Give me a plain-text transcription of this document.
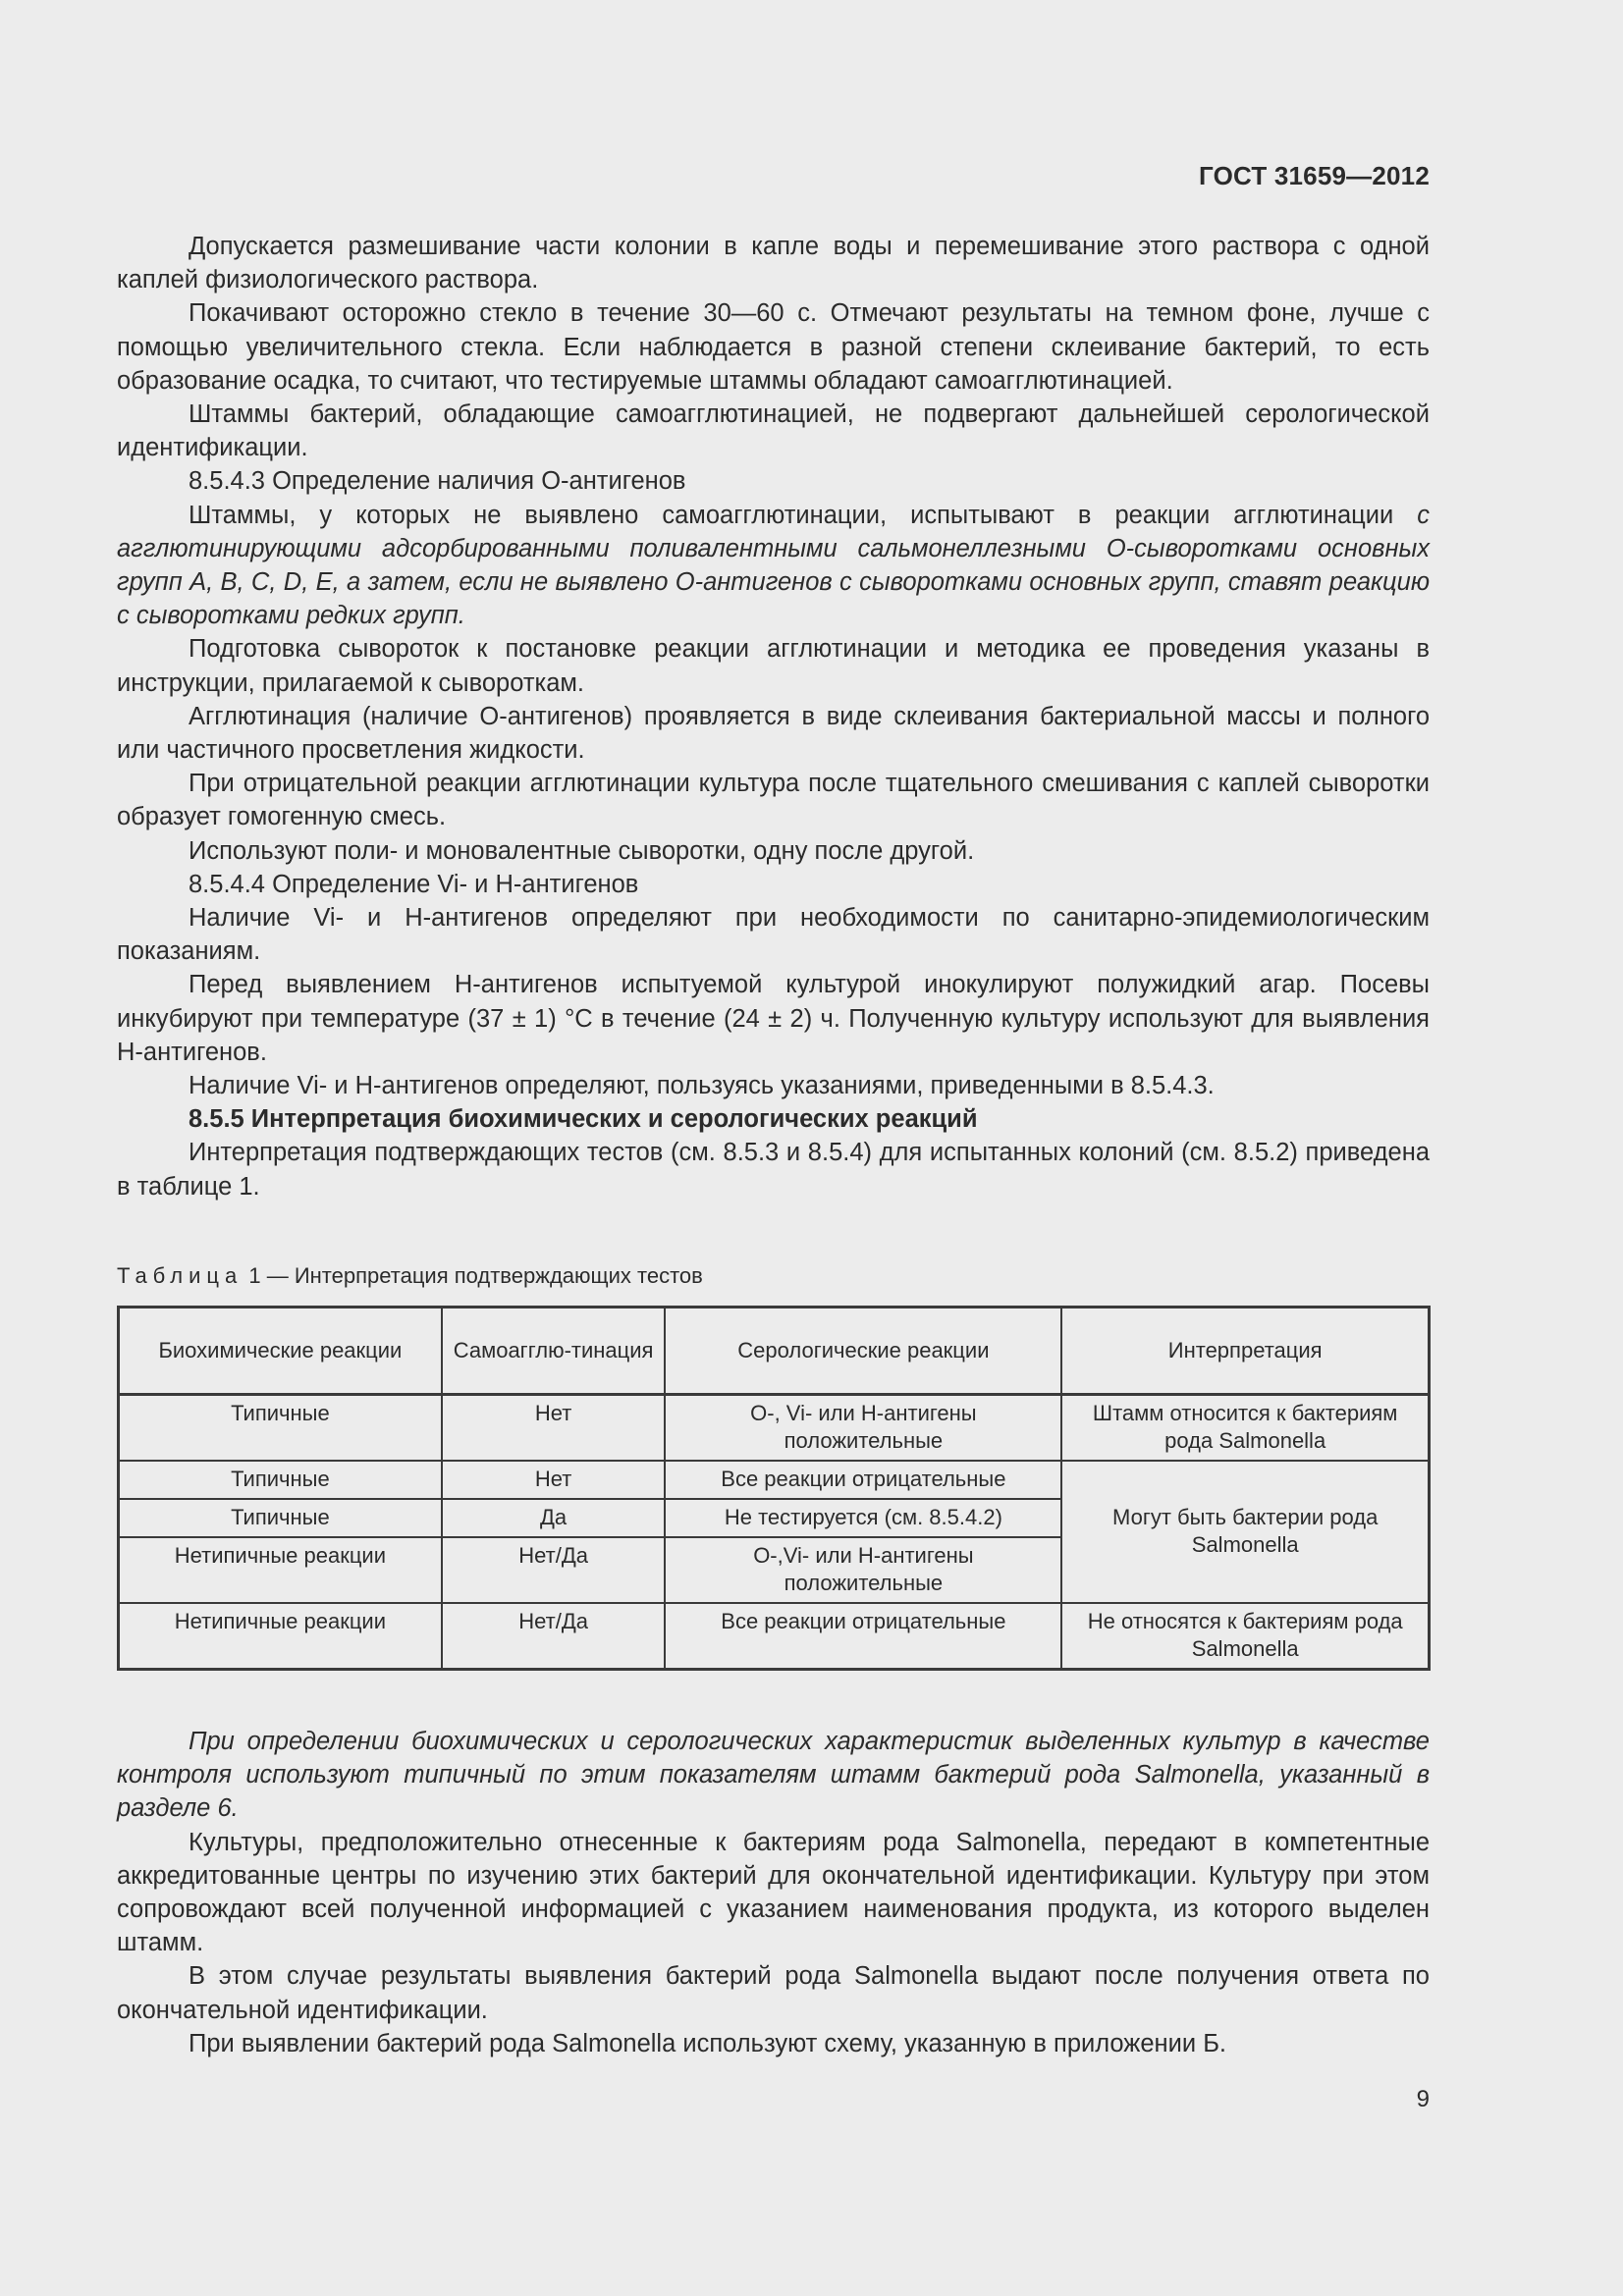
ГОСТ 31659—2012

Допускается размешивание части колонии в капле воды и перемешивание этого раствора с одной каплей физиологического раствора.

Покачивают осторожно стекло в течение 30—60 с. Отмечают результаты на темном фоне, лучше с помощью увеличительного стекла. Если наблюдается в разной степени склеивание бактерий, то есть образование осадка, то считают, что тестируемые штаммы обладают самоагглютинацией.

Штаммы бактерий, обладающие самоагглютинацией, не подвергают дальнейшей серологической идентификации.

8.5.4.3 Определение наличия О-антигенов

Штаммы, у которых не выявлено самоагглютинации, испытывают в реакции агглютинации с агглютинирующими адсорбированными поливалентными сальмонеллезными О-сыворотками основных групп A, B, C, D, E, а затем, если не выявлено О-антигенов с сыворотками основных групп, ставят реакцию с сыворотками редких групп.

Подготовка сывороток к постановке реакции агглютинации и методика ее проведения указаны в инструкции, прилагаемой к сывороткам.

Агглютинация (наличие О-антигенов) проявляется в виде склеивания бактериальной массы и полного или частичного просветления жидкости.

При отрицательной реакции агглютинации культура после тщательного смешивания с каплей сыворотки образует гомогенную смесь.

Используют поли- и моновалентные сыворотки, одну после другой.

8.5.4.4 Определение Vi- и Н-антигенов

Наличие Vi- и Н-антигенов определяют при необходимости по санитарно-эпидемиологическим показаниям.

Перед выявлением Н-антигенов испытуемой культурой инокулируют полужидкий агар. Посевы инкубируют при температуре (37 ± 1) °С в течение (24 ± 2) ч. Полученную культуру используют для выявления Н-антигенов.

Наличие Vi- и Н-антигенов определяют, пользуясь указаниями, приведенными в 8.5.4.3.

8.5.5 Интерпретация биохимических и серологических реакций

Интерпретация подтверждающих тестов (см. 8.5.3 и 8.5.4) для испытанных колоний (см. 8.5.2) приведена в таблице 1.

Таблица 1 — Интерпретация подтверждающих тестов
Биохимические реакции	Самоагглю-тинация	Серологические реакции	Интерпретация
Типичные	Нет	О-, Vi- или Н-антигены положительные	Штамм относится к бактериям рода Salmonella
Типичные	Нет	Все реакции отрицательные	Могут быть бактерии рода Salmonella
Типичные	Да	Не тестируется (см. 8.5.4.2)	
Нетипичные реакции	Нет/Да	О-,Vi- или Н-антигены положительные	
Нетипичные реакции	Нет/Да	Все реакции отрицательные	Не относятся к бактериям рода Salmonella

При определении биохимических и серологических характеристик выделенных культур в качестве контроля используют типичный по этим показателям штамм бактерий рода Salmonella, указанный в разделе 6.

Культуры, предположительно отнесенные к бактериям рода Salmonella, передают в компетентные аккредитованные центры по изучению этих бактерий для окончательной идентификации. Культуру при этом сопровождают всей полученной информацией с указанием наименования продукта, из которого выделен штамм.

В этом случае результаты выявления бактерий рода Salmonella выдают после получения ответа по окончательной идентификации.

При выявлении бактерий рода Salmonella используют схему, указанную в приложении Б.

9
